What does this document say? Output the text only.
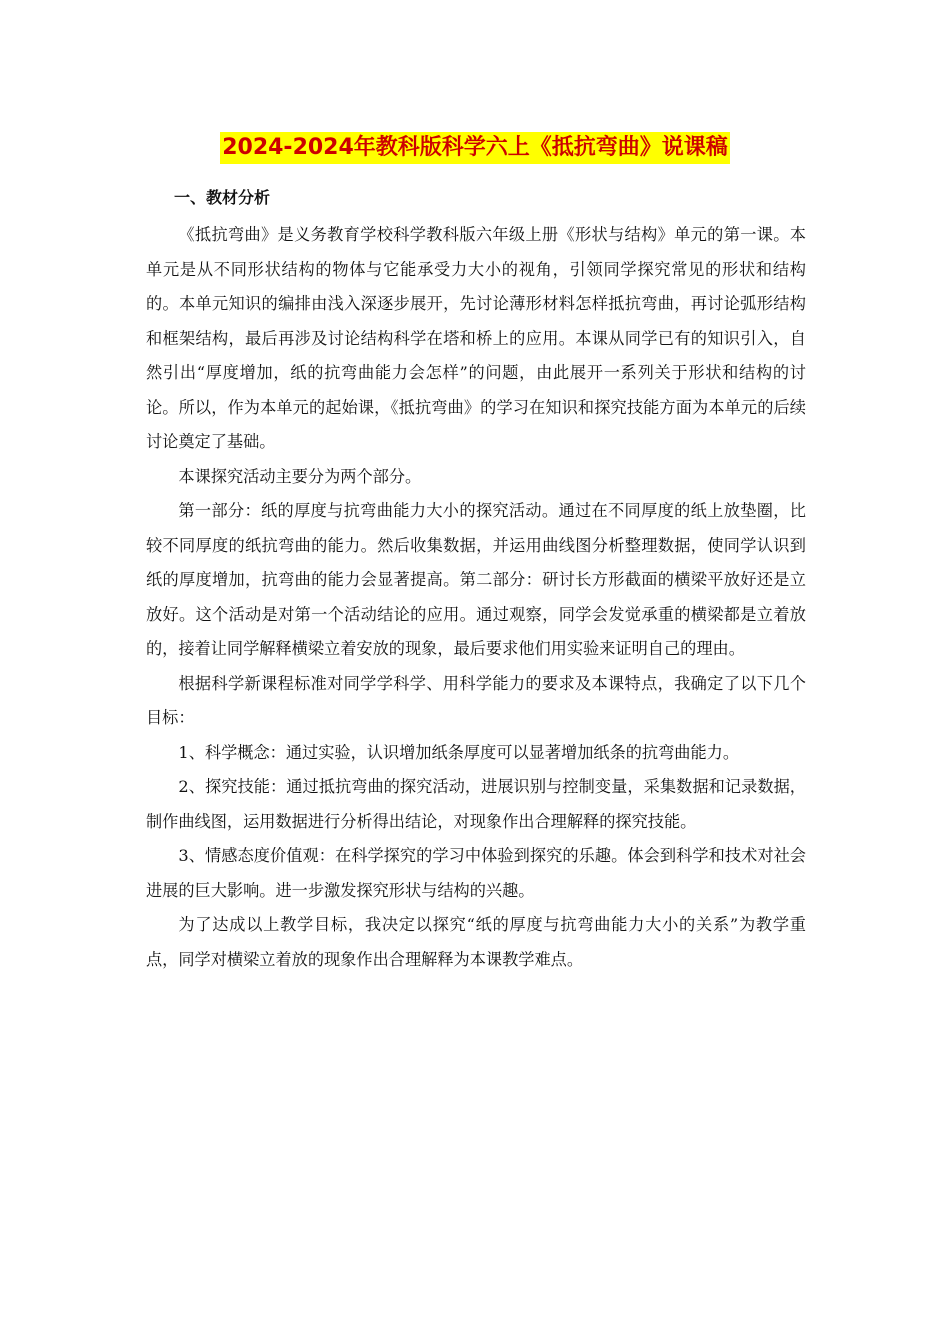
2024-2024年教科版科学六上《抵抗弯曲》说课稿
一、教材分析

《抵抗弯曲》是义务教育学校科学教科版六年级上册《形状与结构》单元的第一课。本单元是从不同形状结构的物体与它能承受力大小的视角，引领同学探究常见的形状和结构的。本单元知识的编排由浅入深逐步展开，先讨论薄形材料怎样抵抗弯曲，再讨论弧形结构和框架结构，最后再涉及讨论结构科学在塔和桥上的应用。本课从同学已有的知识引入，自然引出“厚度增加，纸的抗弯曲能力会怎样”的问题，由此展开一系列关于形状和结构的讨论。所以，作为本单元的起始课，《抵抗弯曲》的学习在知识和探究技能方面为本单元的后续讨论奠定了基础。

本课探究活动主要分为两个部分。

第一部分：纸的厚度与抗弯曲能力大小的探究活动。通过在不同厚度的纸上放垫圈，比较不同厚度的纸抗弯曲的能力。然后收集数据，并运用曲线图分析整理数据，使同学认识到纸的厚度增加，抗弯曲的能力会显著提高。第二部分：研讨长方形截面的横梁平放好还是立放好。这个活动是对第一个活动结论的应用。通过观察，同学会发觉承重的横梁都是立着放的，接着让同学解释横梁立着安放的现象，最后要求他们用实验来证明自己的理由。

根据科学新课程标准对同学学科学、用科学能力的要求及本课特点，我确定了以下几个目标：

1、科学概念：通过实验，认识增加纸条厚度可以显著增加纸条的抗弯曲能力。

2、探究技能：通过抵抗弯曲的探究活动，进展识别与控制变量，采集数据和记录数据，制作曲线图，运用数据进行分析得出结论，对现象作出合理解释的探究技能。

3、情感态度价值观：在科学探究的学习中体验到探究的乐趣。体会到科学和技术对社会进展的巨大影响。进一步激发探究形状与结构的兴趣。

为了达成以上教学目标，我决定以探究“纸的厚度与抗弯曲能力大小的关系”为教学重点，同学对横梁立着放的现象作出合理解释为本课教学难点。
